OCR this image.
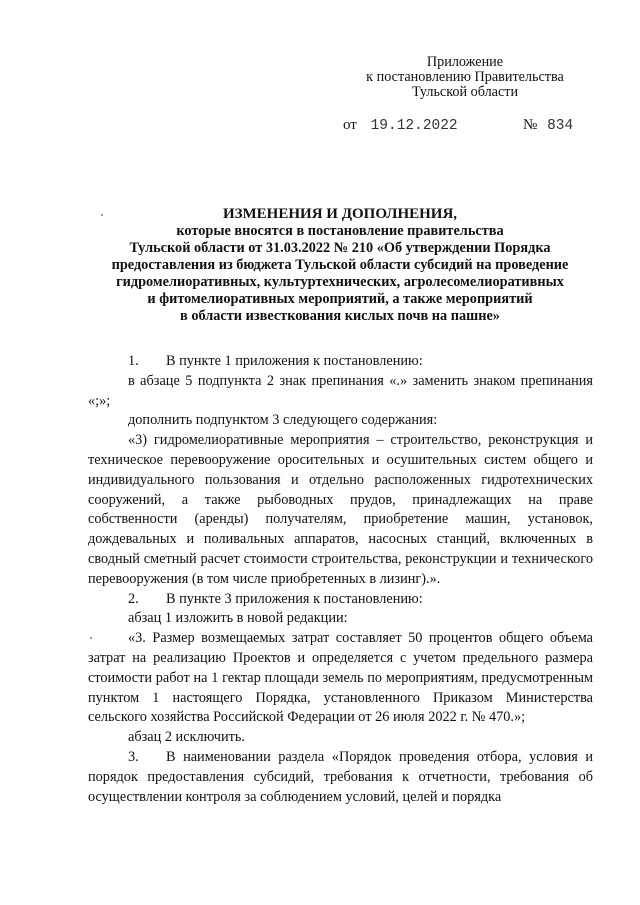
Приложение
к постановлению Правительства
Тульской области
от 19.12.2022	№ 834
ИЗМЕНЕНИЯ И ДОПОЛНЕНИЯ,
которые вносятся в постановление правительства
Тульской области от 31.03.2022 № 210 «Об утверждении Порядка
предоставления из бюджета Тульской области субсидий на проведение
гидромелиоративных, культуртехнических, агролесомелиоративных
и фитомелиоративных мероприятий, а также мероприятий
в области известкования кислых почв на пашне»
1.	В пункте 1 приложения к постановлению:

в абзаце 5 подпункта 2 знак препинания «.» заменить знаком препинания «;»;

дополнить подпунктом 3 следующего содержания:

«3) гидромелиоративные мероприятия – строительство, реконструкция и техническое перевооружение оросительных и осушительных систем общего и индивидуального пользования и отдельно расположенных гидротехнических сооружений, а также рыбоводных прудов, принадлежащих на праве собственности (аренды) получателям, приобретение машин, установок, дождевальных и поливальных аппаратов, насосных станций, включенных в сводный сметный расчет стоимости строительства, реконструкции и технического перевооружения (в том числе приобретенных в лизинг).».

2.	В пункте 3 приложения к постановлению:

абзац 1 изложить в новой редакции:

«3. Размер возмещаемых затрат составляет 50 процентов общего объема затрат на реализацию Проектов и определяется с учетом предельного размера стоимости работ на 1 гектар площади земель по мероприятиям, предусмотренным пунктом 1 настоящего Порядка, установленного Приказом Министерства сельского хозяйства Российской Федерации от 26 июля 2022 г. № 470.»;

абзац 2 исключить.

3. В наименовании раздела «Порядок проведения отбора, условия и порядок предоставления субсидий, требования к отчетности, требования об осуществлении контроля за соблюдением условий, целей и порядка
